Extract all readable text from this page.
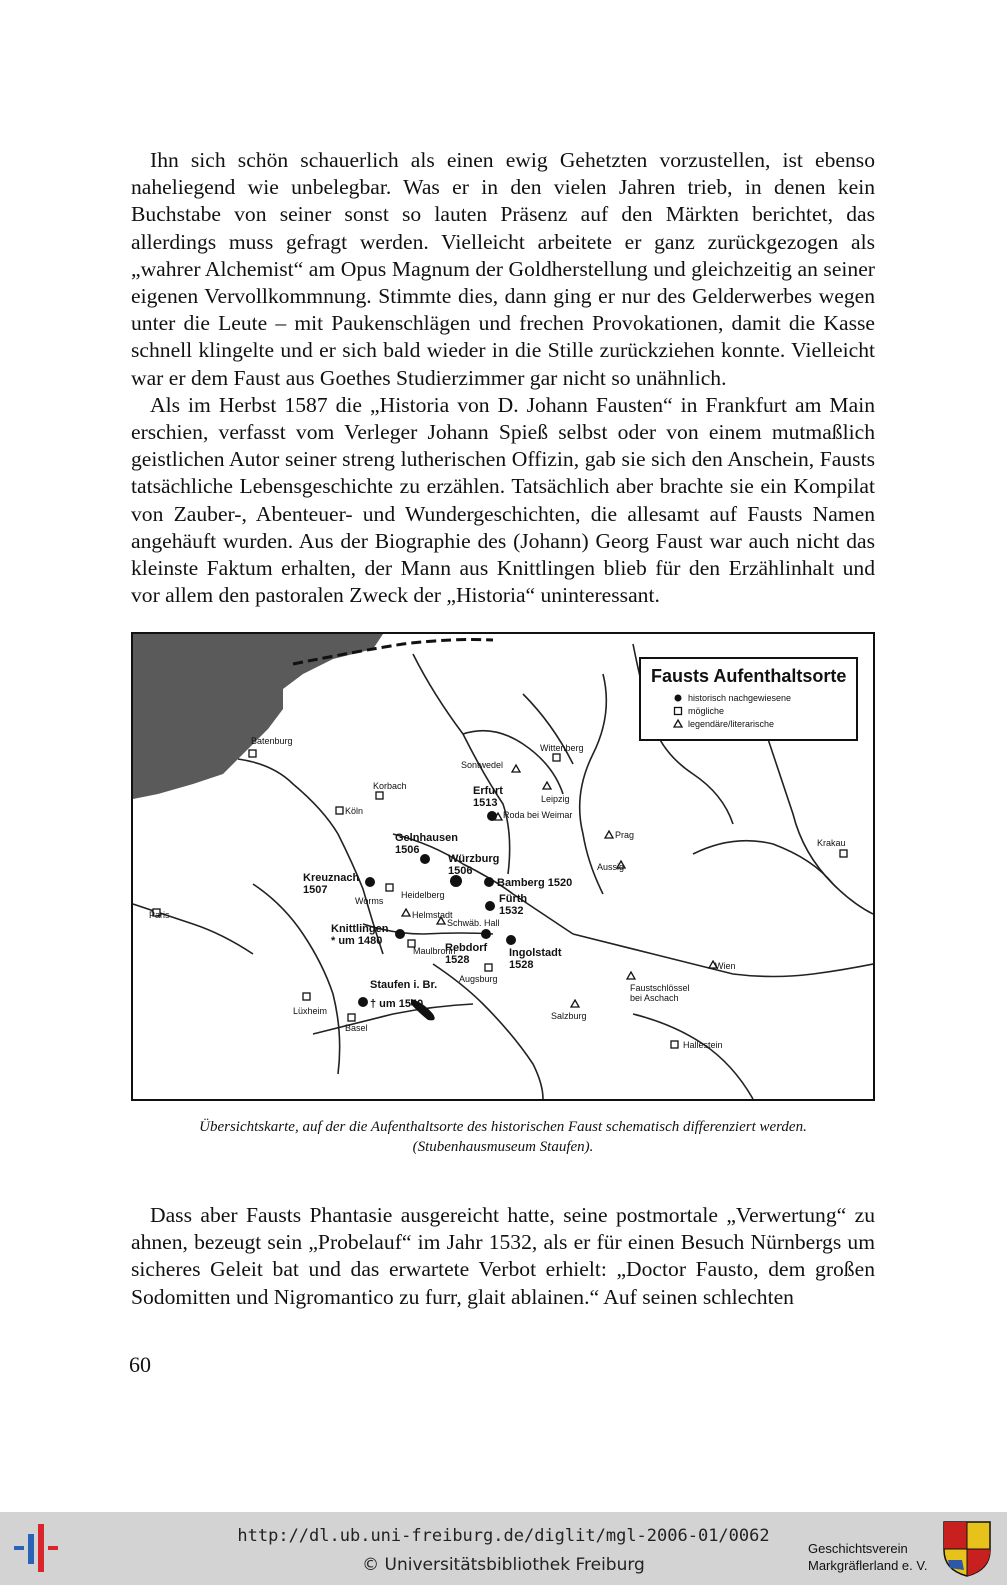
Ihn sich schön schauerlich als einen ewig Gehetzten vorzustellen, ist ebenso naheliegend wie unbelegbar. Was er in den vielen Jahren trieb, in denen kein Buchstabe von seiner sonst so lauten Präsenz auf den Märkten berichtet, das allerdings muss gefragt werden. Vielleicht arbeitete er ganz zurückgezogen als „wahrer Alchemist“ am Opus Magnum der Goldherstellung und gleichzeitig an seiner eigenen Vervollkommnung. Stimmte dies, dann ging er nur des Gelderwerbes wegen unter die Leute – mit Paukenschlägen und frechen Provokationen, damit die Kasse schnell klingelte und er sich bald wieder in die Stille zurückziehen konnte. Vielleicht war er dem Faust aus Goethes Studierzimmer gar nicht so unähnlich.

Als im Herbst 1587 die „Historia von D. Johann Fausten“ in Frankfurt am Main erschien, verfasst vom Verleger Johann Spieß selbst oder von einem mutmaßlich geistlichen Autor seiner streng lutherischen Offizin, gab sie sich den Anschein, Fausts tatsächliche Lebensgeschichte zu erzählen. Tatsächlich aber brachte sie ein Kompilat von Zauber-, Abenteuer- und Wundergeschichten, die allesamt auf Fausts Namen angehäuft wurden. Aus der Biographie des (Johann) Georg Faust war auch nicht das kleinste Faktum erhalten, der Mann aus Knittlingen blieb für den Erzählinhalt und vor allem den pastoralen Zweck der „Historia“ uninteressant.

Fausts Aufenthaltsorte
historisch nachgewiesene
mögliche
legendäre/literarische
Batenburg
Korbach
Köln
Erfurt
1513
Wittenberg
Sontwedel
Leipzig
Roda bei Weimar
Prag
Krakau
Gelnhausen
1506
Würzburg
1506	Aussig
Kreuznach
1507
Bamberg 1520
Worms
Heidelberg	Fürth
1532
Paris	Helmstadt
Schwäb. Hall
Knittlingen
* um 1480
Maulbronn
Rebdorf
1528
Ingolstadt
1528	Wien
Augsburg
Staufen i. Br.
† um 1540
Faustschlössel
bei Aschach
Lüxheim	Salzburg
Basel
Hallestein
Übersichtskarte, auf der die Aufenthaltsorte des historischen Faust schematisch differenziert werden.
(Stubenhausmuseum Staufen).

Dass aber Fausts Phantasie ausgereicht hatte, seine postmortale „Verwertung“ zu ahnen, bezeugt sein „Probelauf“ im Jahr 1532, als er für einen Besuch Nürnbergs um sicheres Geleit bat und das erwartete Verbot erhielt: „Doctor Fausto, dem großen Sodomitten und Nigromantico zu furr, glait ablainen.“ Auf seinen schlechten

60
http://dl.ub.uni-freiburg.de/diglit/mgl-2006-01/0062
© Universitätsbibliothek Freiburg
Geschichtsverein
Markgräflerland e. V.
